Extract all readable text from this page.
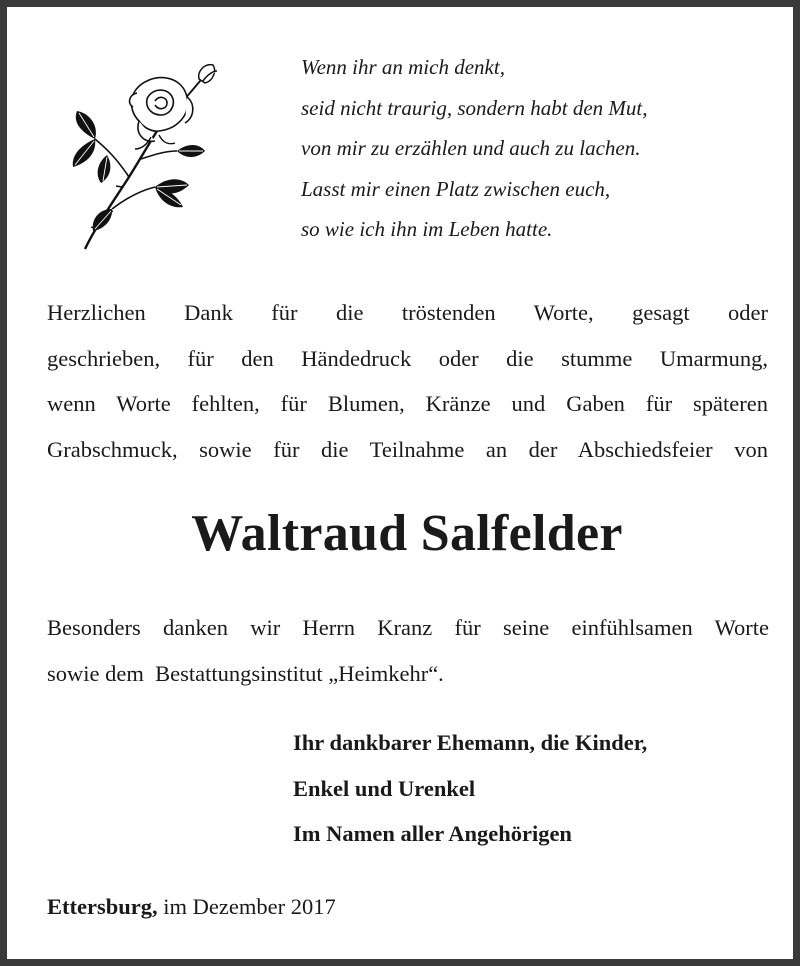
Wenn ihr an mich denkt,
seid nicht traurig, sondern habt den Mut,
von mir zu erzählen und auch zu lachen.
Lasst mir einen Platz zwischen euch,
so wie ich ihn im Leben hatte.
Herzlichen Dank für die tröstenden Worte, gesagt oder
geschrieben, für den Händedruck oder die stumme Umarmung,
wenn Worte fehlten, für Blumen, Kränze und Gaben für späteren
Grabschmuck, sowie für die Teilnahme an der Abschiedsfeier von
Waltraud Salfelder
Besonders danken wir Herrn Kranz für seine einfühlsamen Worte
sowie dem  Bestattungsinstitut „Heimkehr“.
Ihr dankbarer Ehemann, die Kinder,
Enkel und Urenkel
Im Namen aller Angehörigen
Ettersburg, im Dezember 2017
